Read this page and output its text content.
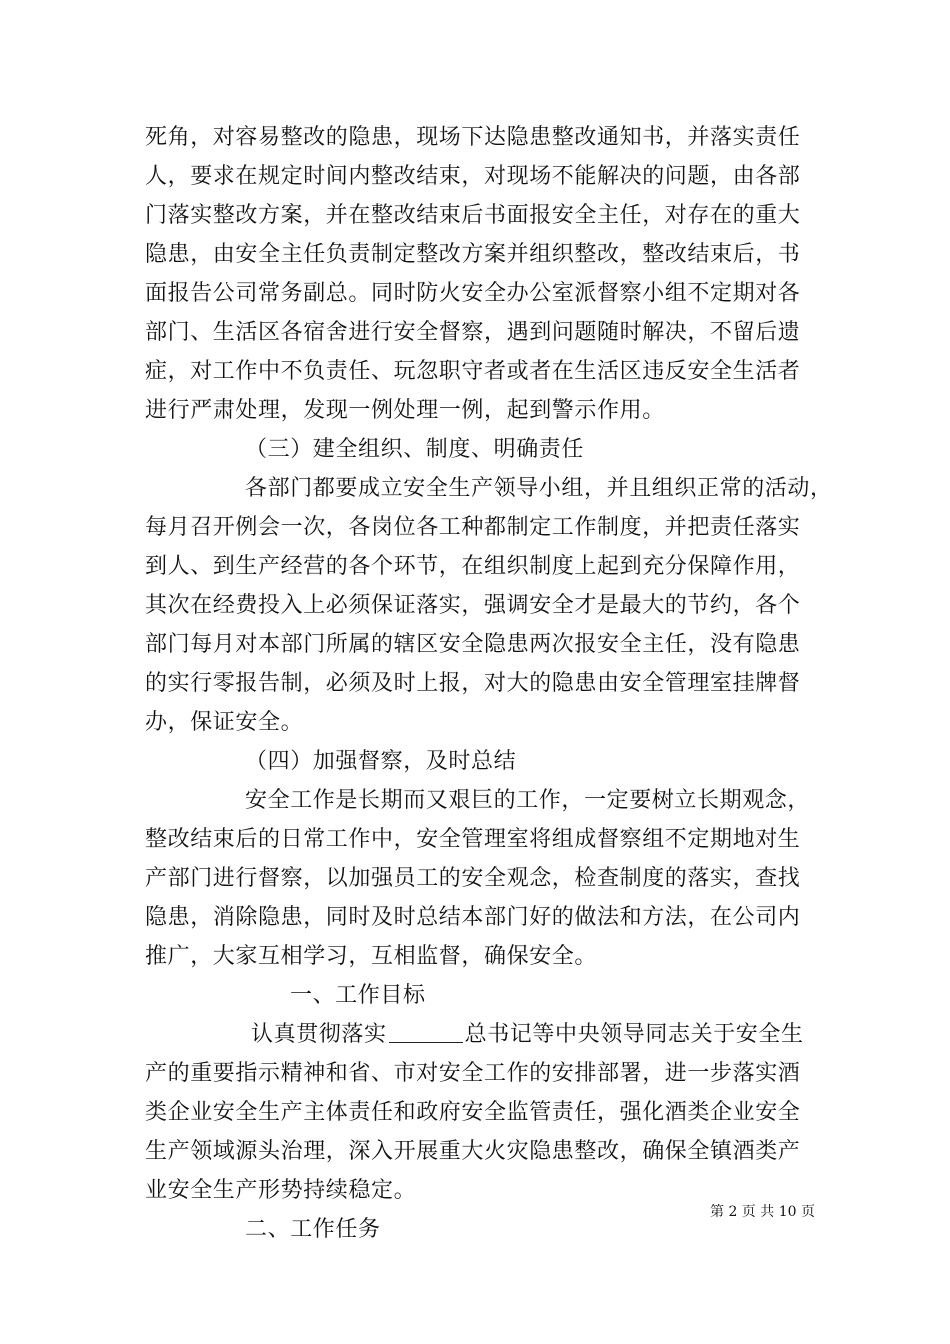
死角，对容易整改的隐患，现场下达隐患整改通知书，并落实责任
人，要求在规定时间内整改结束，对现场不能解决的问题，由各部
门落实整改方案，并在整改结束后书面报安全主任，对存在的重大
隐患，由安全主任负责制定整改方案并组织整改，整改结束后，书
面报告公司常务副总。同时防火安全办公室派督察小组不定期对各
部门、生活区各宿舍进行安全督察，遇到问题随时解决，不留后遗
症，对工作中不负责任、玩忽职守者或者在生活区违反安全生活者
进行严肃处理，发现一例处理一例，起到警示作用。
（三）建全组织、制度、明确责任
各部门都要成立安全生产领导小组，并且组织正常的活动，
每月召开例会一次，各岗位各工种都制定工作制度，并把责任落实
到人、到生产经营的各个环节，在组织制度上起到充分保障作用，
其次在经费投入上必须保证落实，强调安全才是最大的节约，各个
部门每月对本部门所属的辖区安全隐患两次报安全主任，没有隐患
的实行零报告制，必须及时上报，对大的隐患由安全管理室挂牌督
办，保证安全。
（四）加强督察，及时总结
安全工作是长期而又艰巨的工作，一定要树立长期观念，
整改结束后的日常工作中，安全管理室将组成督察组不定期地对生
产部门进行督察，以加强员工的安全观念，检查制度的落实，查找
隐患，消除隐患，同时及时总结本部门好的做法和方法，在公司内
推广，大家互相学习，互相监督，确保安全。
一、工作目标
认真贯彻落实	总书记等中央领导同志关于安全生
产的重要指示精神和省、市对安全工作的安排部署，进一步落实酒
类企业安全生产主体责任和政府安全监管责任，强化酒类企业安全
生产领域源头治理，深入开展重大火灾隐患整改，确保全镇酒类产
业安全生产形势持续稳定。
二、工作任务
第 2 页 共 10 页
